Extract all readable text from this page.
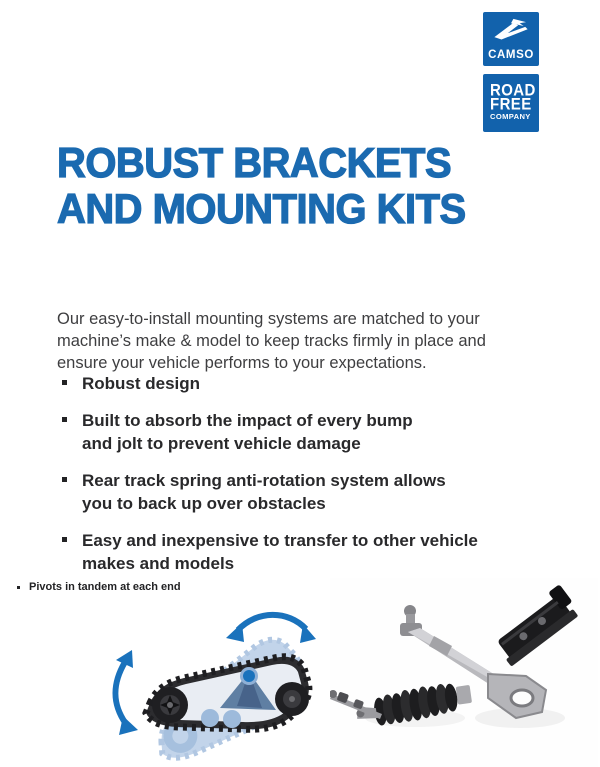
CAMSO
ROAD
FREE
COMPANY
ROBUST BRACKETS
AND MOUNTING KITS

Our easy-to-install mounting systems are matched to your machine’s make & model to keep tracks firmly in place and ensure your vehicle performs to your expectations.

Robust design
Built to absorb the impact of every bump
and jolt to prevent vehicle damage
Rear track spring anti-rotation system allows
you to back up over obstacles
Easy and inexpensive to transfer to other vehicle
makes and models
Pivots in tandem at each end
